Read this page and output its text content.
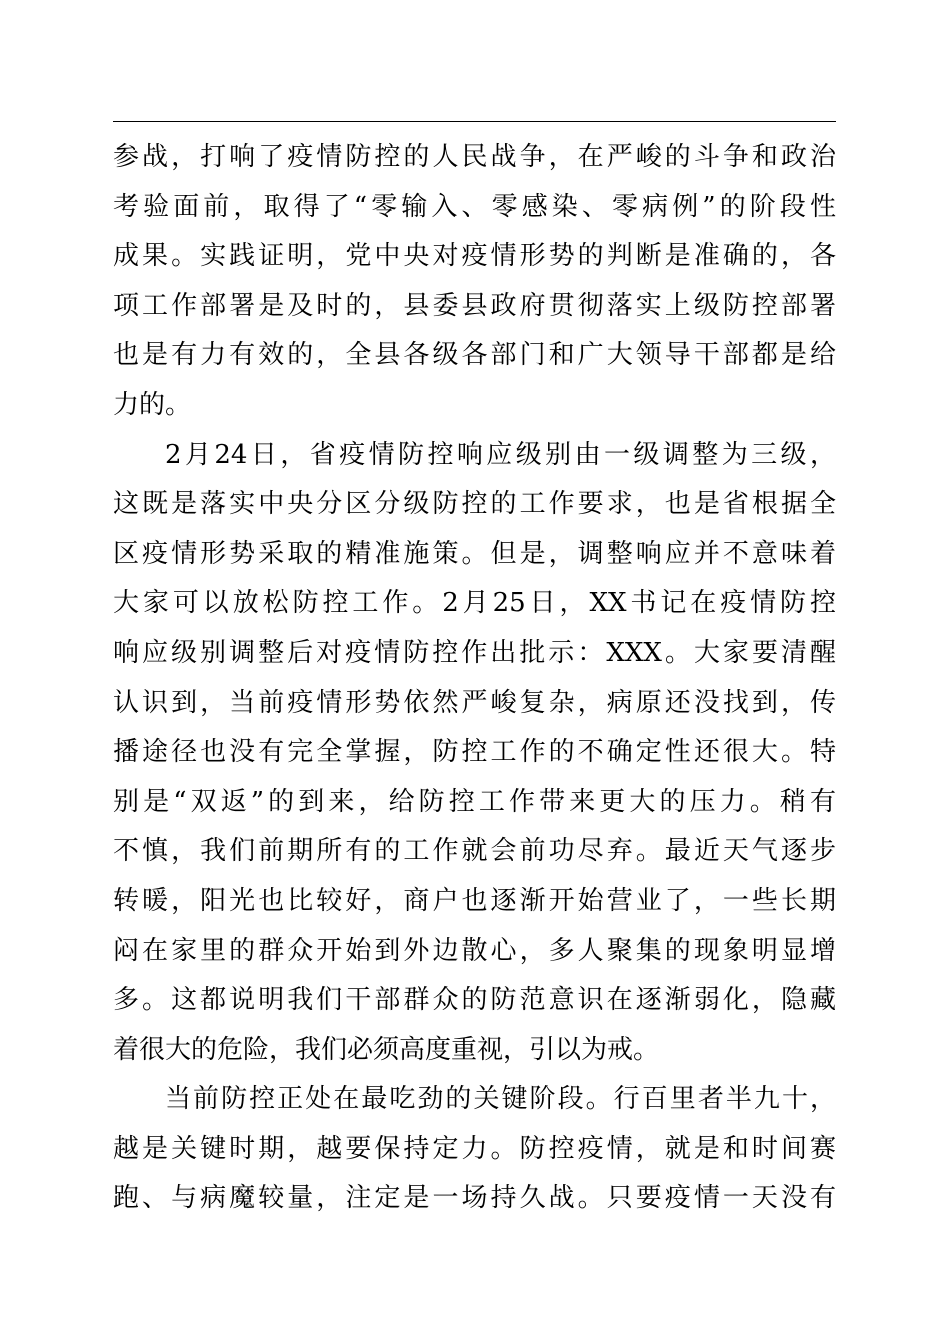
参战，打响了疫情防控的人民战争，在严峻的斗争和政治
考验面前，取得了“零输入、零感染、零病例”的阶段性
成果。实践证明，党中央对疫情形势的判断是准确的，各
项工作部署是及时的，县委县政府贯彻落实上级防控部署
也是有力有效的，全县各级各部门和广大领导干部都是给
力的。
2月24日，省疫情防控响应级别由一级调整为三级，
这既是落实中央分区分级防控的工作要求，也是省根据全
区疫情形势采取的精准施策。但是，调整响应并不意味着
大家可以放松防控工作。2月25日，XX书记在疫情防控
响应级别调整后对疫情防控作出批示：XXX。大家要清醒
认识到，当前疫情形势依然严峻复杂，病原还没找到，传
播途径也没有完全掌握，防控工作的不确定性还很大。特
别是“双返”的到来，给防控工作带来更大的压力。稍有
不慎，我们前期所有的工作就会前功尽弃。最近天气逐步
转暖，阳光也比较好，商户也逐渐开始营业了，一些长期
闷在家里的群众开始到外边散心，多人聚集的现象明显增
多。这都说明我们干部群众的防范意识在逐渐弱化，隐藏
着很大的危险，我们必须高度重视，引以为戒。
当前防控正处在最吃劲的关键阶段。行百里者半九十，
越是关键时期，越要保持定力。防控疫情，就是和时间赛
跑、与病魔较量，注定是一场持久战。只要疫情一天没有
